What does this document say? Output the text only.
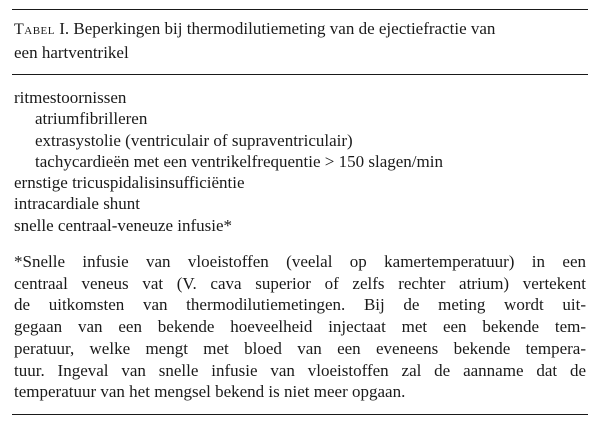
Tabel I. Beperkingen bij thermodilutiemeting van de ejectiefractie van
een hartventrikel
ritmestoornissen
atriumfibrilleren
extrasystolie (ventriculair of supraventriculair)
tachycardieën met een ventrikelfrequentie > 150 slagen/min
ernstige tricuspidalisinsufficiëntie
intracardiale shunt
snelle centraal-veneuze infusie*
*Snelle infusie van vloeistoffen (veelal op kamertemperatuur) in een
centraal veneus vat (V. cava superior of zelfs rechter atrium) vertekent
de uitkomsten van thermodilutiemetingen. Bij de meting wordt uit-
gegaan van een bekende hoeveelheid injectaat met een bekende tem-
peratuur, welke mengt met bloed van een eveneens bekende tempera-
tuur. Ingeval van snelle infusie van vloeistoffen zal de aanname dat de
temperatuur van het mengsel bekend is niet meer opgaan.
